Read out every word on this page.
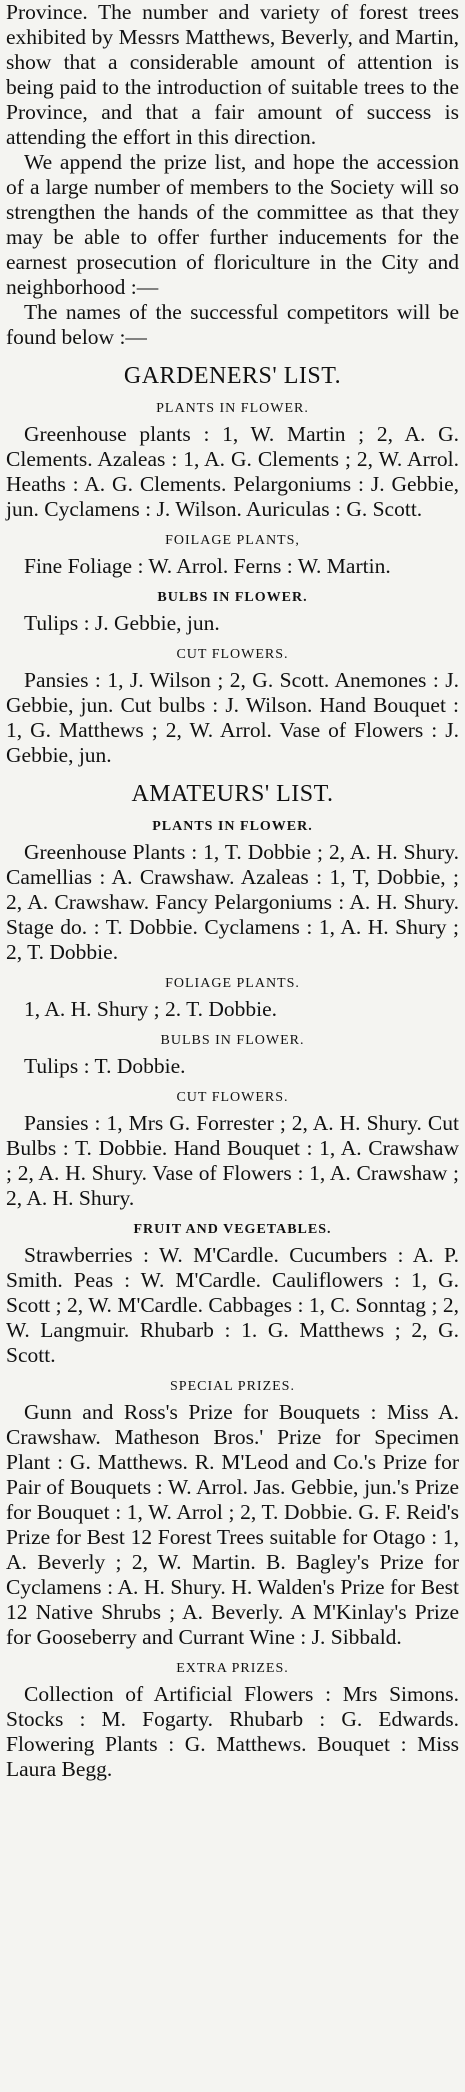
Province. The number and variety of forest trees exhibited by Messrs Matthews, Beverly, and Martin, show that a considerable amount of attention is being paid to the introduction of suitable trees to the Province, and that a fair amount of success is attending the effort in this direction.

We append the prize list, and hope the accession of a large number of members to the Society will so strengthen the hands of the committee as that they may be able to offer further inducements for the earnest prosecution of floriculture in the City and neighborhood :—

The names of the successful competitors will be found below :—

GARDENERS' LIST.
PLANTS IN FLOWER.

Greenhouse plants : 1, W. Martin ; 2, A. G. Clements. Azaleas : 1, A. G. Clements ; 2, W. Arrol. Heaths : A. G. Clements. Pelargoniums : J. Gebbie, jun. Cyclamens : J. Wilson. Auriculas : G. Scott.

FOILAGE PLANTS,

Fine Foliage : W. Arrol. Ferns : W. Martin.

BULBS IN FLOWER.

Tulips : J. Gebbie, jun.

CUT FLOWERS.

Pansies : 1, J. Wilson ; 2, G. Scott. Anemones : J. Gebbie, jun. Cut bulbs : J. Wilson. Hand Bouquet : 1, G. Matthews ; 2, W. Arrol. Vase of Flowers : J. Gebbie, jun.

AMATEURS' LIST.
PLANTS IN FLOWER.

Greenhouse Plants : 1, T. Dobbie ; 2, A. H. Shury. Camellias : A. Crawshaw. Azaleas : 1, T, Dobbie, ; 2, A. Crawshaw. Fancy Pelargoniums : A. H. Shury. Stage do. : T. Dobbie. Cyclamens : 1, A. H. Shury ; 2, T. Dobbie.

FOLIAGE PLANTS.

1, A. H. Shury ; 2. T. Dobbie.

BULBS IN FLOWER.

Tulips : T. Dobbie.

CUT FLOWERS.

Pansies : 1, Mrs G. Forrester ; 2, A. H. Shury. Cut Bulbs : T. Dobbie. Hand Bouquet : 1, A. Crawshaw ; 2, A. H. Shury. Vase of Flowers : 1, A. Crawshaw ; 2, A. H. Shury.

FRUIT AND VEGETABLES.

Strawberries : W. M'Cardle. Cucumbers : A. P. Smith. Peas : W. M'Cardle. Cauliflowers : 1, G. Scott ; 2, W. M'Cardle. Cabbages : 1, C. Sonntag ; 2, W. Langmuir. Rhubarb : 1. G. Matthews ; 2, G. Scott.

SPECIAL PRIZES.

Gunn and Ross's Prize for Bouquets : Miss A. Crawshaw. Matheson Bros.' Prize for Specimen Plant : G. Matthews. R. M'Leod and Co.'s Prize for Pair of Bouquets : W. Arrol. Jas. Gebbie, jun.'s Prize for Bouquet : 1, W. Arrol ; 2, T. Dobbie. G. F. Reid's Prize for Best 12 Forest Trees suitable for Otago : 1, A. Beverly ; 2, W. Martin. B. Bagley's Prize for Cyclamens : A. H. Shury. H. Walden's Prize for Best 12 Native Shrubs ; A. Beverly. A M'Kinlay's Prize for Gooseberry and Currant Wine : J. Sibbald.

EXTRA PRIZES.

Collection of Artificial Flowers : Mrs Simons. Stocks : M. Fogarty. Rhubarb : G. Edwards. Flowering Plants : G. Matthews. Bouquet : Miss Laura Begg.
